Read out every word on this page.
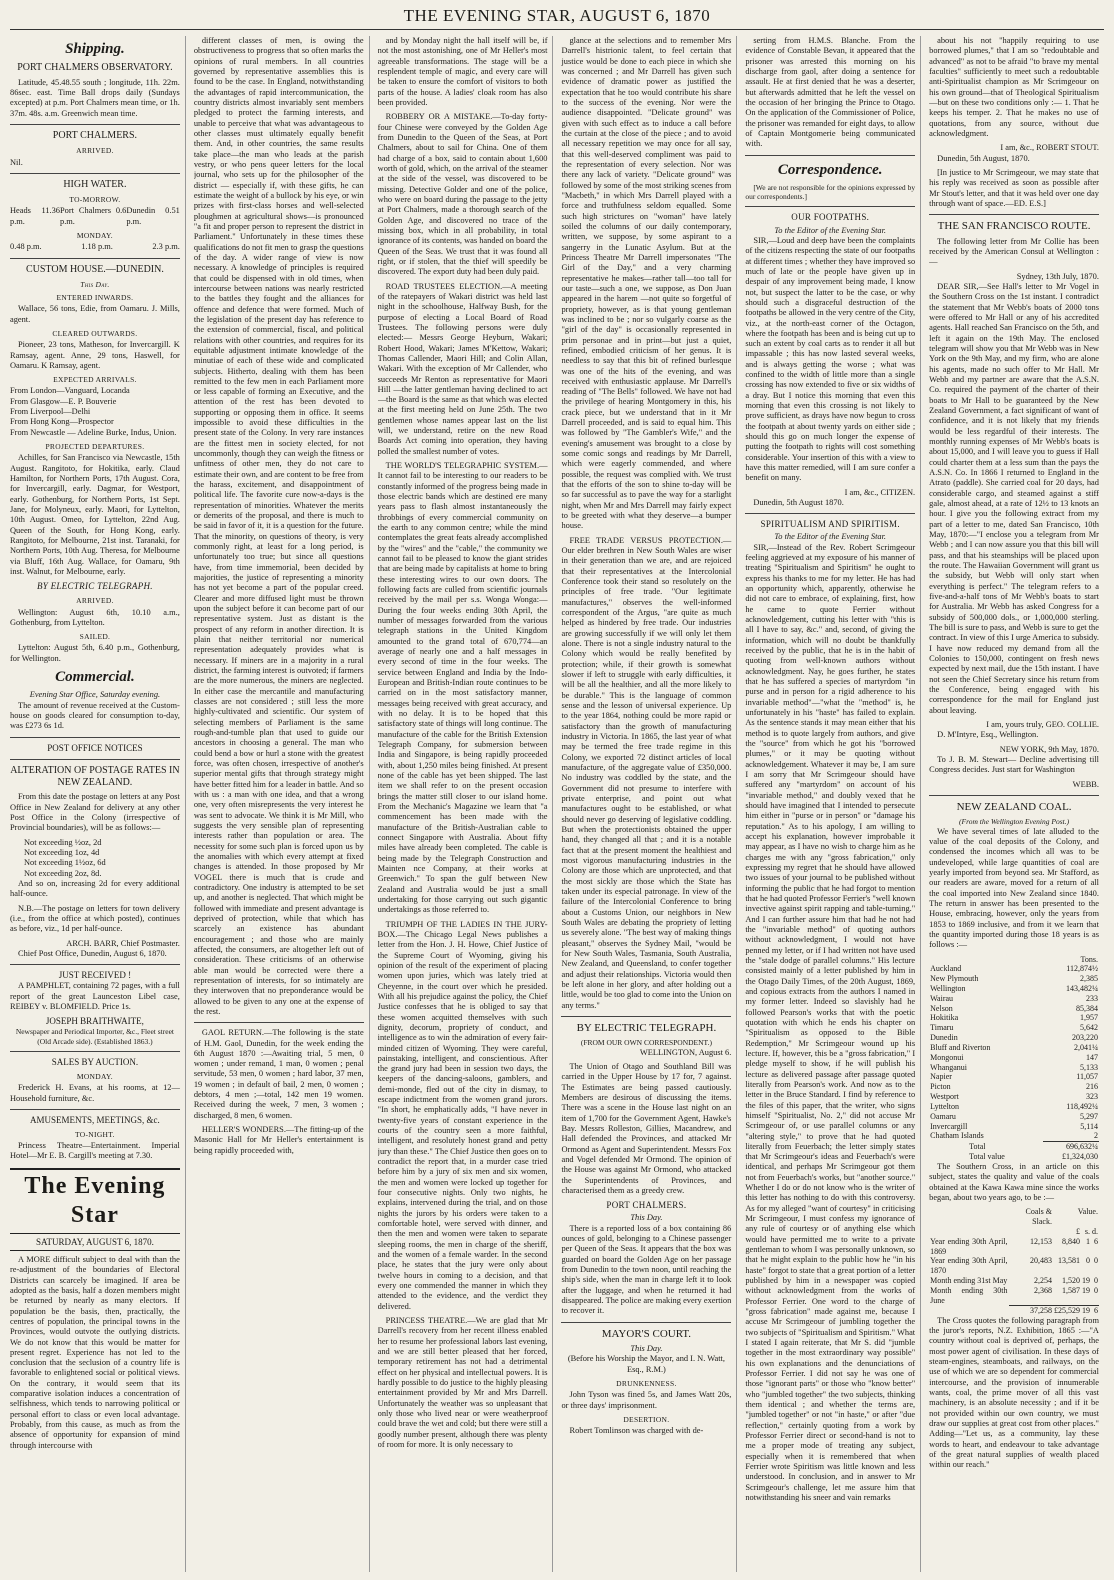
THE EVENING STAR, AUGUST 6, 1870
Shipping.
PORT CHALMERS OBSERVATORY.
Latitude, 45.48.55 south ; longitude, 11h. 22m. 86sec. east. Time Ball drops daily (Sundays excepted) at p.m. Port Chalmers mean time, or 1h. 37m. 48s. a.m. Greenwich mean time.
PORT CHALMERS.
ARRIVED.
Nil.
HIGH WATER.
TO-MORROW.
Heads 11.36 p.m.
Port Chalmers 0.6 p.m.
Dunedin 0.51 p.m.
MONDAY.
0.48 p.m.	1.18 p.m.	2.3 p.m.
CUSTOM HOUSE.—DUNEDIN.
This Day.
ENTERED INWARDS.
Wallace, 56 tons, Edie, from Oamaru. J. Mills, agent.
CLEARED OUTWARDS.
Pioneer, 23 tons, Matheson, for Invercargill. K Ramsay, agent. Anne, 29 tons, Haswell, for Oamaru. K Ramsay, agent.
EXPECTED ARRIVALS.
From London—Vanguard, Locanda
From Glasgow—E. P. Bouverie
From Liverpool—Delhi
From Hong Kong—Prospector
From Newcastle — Adeline Burke, Indus, Union.
PROJECTED DEPARTURES.
Achilles, for San Francisco via Newcastle, 15th August. Rangitoto, for Hokitika, early. Claud Hamilton, for Northern Ports, 17th August. Cora, for Invercargill, early. Dagmar, for Westport, early. Gothenburg, for Northern Ports, 1st Sept. Jane, for Molyneux, early. Maori, for Lyttelton, 10th August. Omeo, for Lyttelton, 22nd Aug. Queen of the South, for Hong Kong, early. Rangitoto, for Melbourne, 21st inst. Taranaki, for Northern Ports, 10th Aug. Theresa, for Melbourne via Bluff, 16th Aug. Wallace, for Oamaru, 9th inst. Walnut, for Melbourne, early.
BY ELECTRIC TELEGRAPH.
ARRIVED.
Wellington: August 6th, 10.10 a.m., Gothenburg, from Lyttelton.
SAILED.
Lyttelton: August 5th, 6.40 p.m., Gothenburg, for Wellington.
Commercial.
Evening Star Office, Saturday evening.
The amount of revenue received at the Custom-house on goods cleared for consumption to-day, was £273 6s 1d.
POST OFFICE NOTICES
ALTERATION OF POSTAGE RATES IN NEW ZEALAND.
From this date the postage on letters at any Post Office in New Zealand for delivery at any other Post Office in the Colony (irrespective of Provincial boundaries), will be as follows:—
Not exceeding ½oz, 2d
Not exceeding 1oz, 4d
Not exceeding 1½oz, 6d
Not exceeding 2oz, 8d.
And so on, increasing 2d for every additional half-ounce.
N.B.—The postage on letters for town delivery (i.e., from the office at which posted), continues as before, viz., 1d per half-ounce.
ARCH. BARR, Chief Postmaster.
Chief Post Office, Dunedin, August 6, 1870.
JUST RECEIVED !
A PAMPHLET, containing 72 pages, with a full report of the great Launceston Libel case, REIBEY v. BLOMFIELD. Price 1s.
JOSEPH BRAITHWAITE,
Newspaper and Periodical Importer, &c., Fleet street (Old Arcade side). (Established 1863.)
SALES BY AUCTION.
MONDAY.
Frederick H. Evans, at his rooms, at 12—Household furniture, &c.
AMUSEMENTS, MEETINGS, &c.
TO-NIGHT.
Princess Theatre—Entertainment. Imperial Hotel—Mr E. B. Cargill's meeting at 7.30.
The Evening Star
SATURDAY, AUGUST 6, 1870.
A MORE difficult subject to deal with than the re-adjustment of the boundaries of Electoral Districts can scarcely be imagined. If area be adopted as the basis, half a dozen members might be returned by nearly as many electors. If population be the basis, then, practically, the centres of population, the principal towns in the Provinces, would outvote the outlying districts. We do not know that this would be matter for present regret. Experience has not led to the conclusion that the seclusion of a country life is favorable to enlightened social or political views. On the contrary, it would seem that its comparative isolation induces a concentration of selfishness, which tends to narrowing political or personal effort to class or even local advantage. Probably, from this cause, as much as from the absence of opportunity for expansion of mind through intercourse with
different classes of men, is owing the obstructiveness to progress that so often marks the opinions of rural members. In all countries governed by representative assemblies this is found to be the case. In England, notwithstanding the advantages of rapid intercommunication, the country districts almost invariably sent members pledged to protect the farming interests, and unable to perceive that what was advantageous to other classes must ultimately equally benefit them. And, in other countries, the same results take place—the man who leads at the parish vestry, or who pens queer letters for the local journal, who sets up for the philosopher of the district — especially if, with these gifts, he can estimate the weight of a bullock by his eye, or win prizes with first-class horses and well-selected ploughmen at agricultural shows—is pronounced "a fit and proper person to represent the district in Parliament." Unfortunately in these times these qualifications do not fit men to grasp the questions of the day. A wider range of view is now necessary. A knowledge of principles is required that could be dispensed with in old times, when intercourse between nations was nearly restricted to the battles they fought and the alliances for offence and defence that were formed. Much of the legislation of the present day has reference to the extension of commercial, fiscal, and political relations with other countries, and requires for its equitable adjustment intimate knowledge of the minutiae of each of these wide and complicated subjects. Hitherto, dealing with them has been remitted to the few men in each Parliament more or less capable of forming an Executive, and the attention of the rest has been devoted to supporting or opposing them in office. It seems impossible to avoid these difficulties in the present state of the Colony. In very rare instances are the fittest men in society elected, for not uncommonly, though they can weigh the fitness or unfitness of other men, they do not care to estimate their own, and are content to be free from the harass, excitement, and disappointment of political life. The favorite cure now-a-days is the representation of minorities. Whatever the merits or demerits of the proposal, and there is much to be said in favor of it, it is a question for the future. That the minority, on questions of theory, is very commonly right, at least for a long period, is unfortunately too true; but since all questions have, from time immemorial, been decided by majorities, the justice of representing a minority has not yet become a part of the popular creed. Clearer and more diffused light must be thrown upon the subject before it can become part of our representative system. Just as distant is the prospect of any reform in another direction. It is plain that neither territorial nor numerical representation adequately provides what is necessary. If miners are in a majority in a rural district, the farming interest is outvoted; if farmers are the more numerous, the miners are neglected. In either case the mercantile and manufacturing classes are not considered ; still less the more highly-cultivated and scientific. Our system of selecting members of Parliament is the same rough-and-tumble plan that used to guide our ancestors in choosing a general. The man who could bend a bow or hurl a stone with the greatest force, was often chosen, irrespective of another's superior mental gifts that through strategy might have better fitted him for a leader in battle. And so with us : a man with one idea, and that a wrong one, very often misrepresents the very interest he was sent to advocate. We think it is Mr Mill, who suggests the very sensible plan of representing interests rather than population or area. The necessity for some such plan is forced upon us by the anomalies with which every attempt at fixed changes is attended. In those proposed by Mr VOGEL there is much that is crude and contradictory. One industry is attempted to be set up, and another is neglected. That which might be followed with immediate and present advantage is deprived of protection, while that which has scarcely an existence has abundant encouragement ; and those who are mainly affected, the consumers, are altogether left out of consideration. These criticisms of an otherwise able man would be corrected were there a representation of interests, for so intimately are they interwoven that no preponderance would be allowed to be given to any one at the expense of the rest.
GAOL RETURN.—The following is the state of H.M. Gaol, Dunedin, for the week ending the 6th August 1870 :—Awaiting trial, 5 men, 0 women ; under remand, 1 man, 0 women ; penal servitude, 53 men, 0 women ; hard labor, 37 men, 19 women ; in default of bail, 2 men, 0 women ; debtors, 4 men ;—total, 142 men 19 women. Received during the week, 7 men, 3 women ; discharged, 8 men, 6 women.
HELLER'S WONDERS.—The fitting-up of the Masonic Hall for Mr Heller's entertainment is being rapidly proceeded with,
and by Monday night the hall itself will be, if not the most astonishing, one of Mr Heller's most agreeable transformations. The stage will be a resplendent temple of magic, and every care will be taken to ensure the comfort of visitors to both parts of the house. A ladies' cloak room has also been provided.
ROBBERY OR A MISTAKE.—To-day forty-four Chinese were conveyed by the Golden Age from Dunedin to the Queen of the Seas, at Port Chalmers, about to sail for China. One of them had charge of a box, said to contain about 1,600 worth of gold, which, on the arrival of the steamer at the side of the vessel, was discovered to be missing. Detective Golder and one of the police, who were on board during the passage to the jetty at Port Chalmers, made a thorough search of the Golden Age, and discovered no trace of the missing box, which in all probability, in total ignorance of its contents, was handed on board the Queen of the Seas. We trust that it was found all right, or if stolen, that the thief will speedily be discovered. The export duty had been duly paid.
ROAD TRUSTEES ELECTION.—A meeting of the ratepayers of Wakari district was held last night in the schoolhouse, Halfway Bush, for the purpose of electing a Local Board of Road Trustees. The following persons were duly elected:— Messrs George Heyburn, Wakari; Robert Hood, Wakari; James M'Kettow, Wakari; Thomas Callender, Maori Hill; and Colin Allan, Wakari. With the exception of Mr Callender, who succeeds Mr Renton as representative for Maori Hill —the latter gentleman having declined to act—the Board is the same as that which was elected at the first meeting held on June 25th. The two gentlemen whose names appear last on the list will, we understand, retire on the new Road Boards Act coming into operation, they having polled the smallest number of votes.
THE WORLD'S TELEGRAPHIC SYSTEM.—It cannot fail to be interesting to our readers to be constantly informed of the progress being made in those electric bands which are destined ere many years pass to flash almost instantaneously the throbbings of every commercial community on the earth to any common centre; while the mind contemplates the great feats already accomplished by the "wires" and the "cable," the community we cannot fail to be pleased to know the giant strides that are being made by capitalists at home to bring these interesting wires to our own doors. The following facts are culled from scientific journals received by the mail per s.s. Wonga Wonga:—During the four weeks ending 30th April, the number of messages forwarded from the various telegraph stations in the United Kingdom amounted to the grand total of 670,774—an average of nearly one and a half messages in every second of time in the four weeks. The service between England and India by the Indo-European and British-Indian route continues to be carried on in the most satisfactory manner, messages being received with great accuracy, and with no delay. It is to be hoped that this satisfactory state of things will long continue. The manufacture of the cable for the British Extension Telegraph Company, for submersion between India and Singapore, is being rapidly proceeded with, about 1,250 miles being finished. At present none of the cable has yet been shipped. The last item we shall refer to on the present occasion brings the matter still closer to our island home. From the Mechanic's Magazine we learn that "a commencement has been made with the manufacture of the British-Australian cable to connect Singapore with Australia. About fifty miles have already been completed. The cable is being made by the Telegraph Construction and Mainten nce Company, at their works at Greenwich." To span the gulf between New Zealand and Australia would be just a small undertaking for those carrying out such gigantic undertakings as those referred to.
TRIUMPH OF THE LADIES IN THE JURY-BOX.—The Chicago Legal News publishes a letter from the Hon. J. H. Howe, Chief Justice of the Supreme Court of Wyoming, giving his opinion of the result of the experiment of placing women upon juries, which was lately tried at Cheyenne, in the court over which he presided. With all his prejudice against the policy, the Chief Justice confesses that he is obliged to say that these women acquitted themselves with such dignity, decorum, propriety of conduct, and intelligence as to win the admiration of every fair-minded citizen of Wyoming. They were careful, painstaking, intelligent, and conscientious. After the grand jury had been in session two days, the keepers of the dancing-saloons, gamblers, and demi-monde, fled out of the city in dismay, to escape indictment from the women grand jurors. "In short, he emphatically adds, "I have never in twenty-five years of constant experience in the courts of the country seen a more faithful, intelligent, and resolutely honest grand and petty jury than these." The Chief Justice then goes on to contradict the report that, in a murder case tried before him by a jury of six men and six women, the men and women were locked up together for four consecutive nights. Only two nights, he explains, intervened during the trial, and on those nights the jurors by his orders were taken to a comfortable hotel, were served with dinner, and then the men and women were taken to separate sleeping rooms, the men in charge of the sheriff, and the women of a female warder. In the second place, he states that the jury were only about twelve hours in coming to a decision, and that every one commended the manner in which they attended to the evidence, and the verdict they delivered.
PRINCESS THEATRE.—We are glad that Mr Darrell's recovery from her recent illness enabled her to resume her professional labors last evening, and we are still better pleased that her forced, temporary retirement has not had a detrimental effect on her physical and intellectual powers. It is hardly possible to do justice to the highly pleasing entertainment provided by Mr and Mrs Darrell. Unfortunately the weather was so unpleasant that only those who lived near or were weatherproof could brave the wet and cold; but there were still a goodly number present, although there was plenty of room for more. It is only necessary to
glance at the selections and to remember Mrs Darrell's histrionic talent, to feel certain that justice would be done to each piece in which she was concerned ; and Mr Darrell has given such evidence of dramatic power as justified the expectation that he too would contribute his share to the success of the evening. Nor were the audience disappointed. "Delicate ground" was given with such effect as to induce a call before the curtain at the close of the piece ; and to avoid all necessary repetition we may once for all say, that this well-deserved compliment was paid to the representation of every selection. Nor was there any lack of variety. "Delicate ground" was followed by some of the most striking scenes from "Macbeth," in which Mrs Darrell played with a force and truthfulness seldom equalled. Some such high strictures on "woman" have lately soiled the columns of our daily contemporary, written, we suppose, by some aspirant to a sangerry in the Lunatic Asylum. But at the Princess Theatre Mr Darrell impersonates "The Girl of the Day," and a very charming representative he makes—rather tall—too tall for our taste—such a one, we suppose, as Don Juan appeared in the harem —not quite so forgetful of propriety, however, as is that young gentleman was inclined to be ; nor so vulgarly coarse as the "girl of the day" is occasionally represented in prim personae and in print—but just a quiet, refined, embodied criticism of her genus. It is needless to say that this bit of refined burlesque was one of the hits of the evening, and was received with enthusiastic applause. Mr Darrell's reading of "The Bells" followed. We have not had the privilege of hearing Montgomery in this, his crack piece, but we understand that in it Mr Darrell proceeded, and is said to equal him. This was followed by "The Gambler's Wife," and the evening's amusement was brought to a close by some comic songs and readings by Mr Darrell, which were eagerly commended, and where possible, the request was complied with. We trust that the efforts of the son to shine to-day will be so far successful as to pave the way for a starlight night, when Mr and Mrs Darrell may fairly expect to be greeted with what they deserve—a bumper house.
FREE TRADE VERSUS PROTECTION.—Our elder brethren in New South Wales are wiser in their generation than we are, and are rejoiced that their representatives at the Intercolonial Conference took their stand so resolutely on the principles of free trade. "Our legitimate manufactures," observes the well-informed correspondent of the Argus, "are quite as much helped as hindered by free trade. Our industries are growing successfully if we will only let them alone. There is not a single industry natural to the Colony which would be really benefited by protection; while, if their growth is somewhat slower if left to struggle with early difficulties, it will be all the healthier, and all the more likely to be durable." This is the language of common sense and the lesson of universal experience. Up to the year 1864, nothing could be more rapid or satisfactory than the growth of manufacturing industry in Victoria. In 1865, the last year of what may be termed the free trade regime in this Colony, we exported 72 distinct articles of local manufacture, of the aggregate value of £350,000. No industry was coddled by the state, and the Government did not presume to interfere with private enterprise, and point out what manufactures ought to be established, or what should never go deserving of legislative coddling. But when the protectionists obtained the upper hand, they changed all that ; and it is a notable fact that at the present moment the healthiest and most vigorous manufacturing industries in the Colony are those which are unprotected, and that the most sickly are those which the State has taken under its especial patronage. In view of the failure of the Intercolonial Conference to bring about a Customs Union, our neighbors in New South Wales are debating the propriety of letting us severely alone. "The best way of making things pleasant," observes the Sydney Mail, "would be for New South Wales, Tasmania, South Australia, New Zealand, and Queensland, to confer together and adjust their relationships. Victoria would then be left alone in her glory, and after holding out a little, would be too glad to come into the Union on any terms."
BY ELECTRIC TELEGRAPH.
(FROM OUR OWN CORRESPONDENT.)
WELLINGTON, August 6.
The Union of Otago and Southland Bill was carried in the Upper House by 17 for, 7 against. The Estimates are being passed cautiously. Members are desirous of discussing the items. There was a scene in the House last night on an item of 1,700 for the Government Agent, Hawke's Bay. Messrs Rolleston, Gillies, Macandrew, and Hall defended the Provinces, and attacked Mr Ormond as Agent and Superintendent. Messrs Fox and Vogel defended Mr Ormond. The opinion of the House was against Mr Ormond, who attacked the Superintendents of Provinces, and characterised them as a greedy crew.
PORT CHALMERS.
This Day.
There is a reported loss of a box containing 86 ounces of gold, belonging to a Chinese passenger per Queen of the Seas. It appears that the box was guarded on board the Golden Age on her passage from Dunedin to the town noon, until reaching the ship's side, when the man in charge left it to look after the luggage, and when he returned it had disappeared. The police are making every exertion to recover it.
MAYOR'S COURT.
This Day.
(Before his Worship the Mayor, and I. N. Watt, Esq., R.M.)
DRUNKENNESS.
John Tyson was fined 5s, and James Watt 20s, or three days' imprisonment.
DESERTION.
Robert Tomlinson was charged with de-
serting from H.M.S. Blanche. From the evidence of Constable Bevan, it appeared that the prisoner was arrested this morning on his discharge from gaol, after doing a sentence for assault. He at first denied that he was a deserter, but afterwards admitted that he left the vessel on the occasion of her bringing the Prince to Otago. On the application of the Commissioner of Police, the prisoner was remanded for eight days, to allow of Captain Montgomerie being communicated with.
Correspondence.
[We are not responsible for the opinions expressed by our correspondents.]
OUR FOOTPATHS.
To the Editor of the Evening Star.
SIR,—Loud and deep have been the complaints of the citizens respecting the state of our footpaths at different times ; whether they have improved so much of late or the people have given up in despair of any improvement being made, I know not, but suspect the latter to be the case, or why should such a disgraceful destruction of the footpaths be allowed in the very centre of the City, viz., at the north-east corner of the Octagon, where the footpath has been and is being cut up to such an extent by coal carts as to render it all but impassable ; this has now lasted several weeks, and is always getting the worse ; what was confined to the width of little more than a single crossing has now extended to five or six widths of a dray. But I notice this morning that even this morning that even this crossing is not likely to prove sufficient, as drays have now begun to cross the footpath at about twenty yards on either side ; should this go on much longer the expense of putting the footpath to rights will cost something considerable. Your insertion of this with a view to have this matter remedied, will I am sure confer a benefit on many.
I am, &c., CITIZEN.
Dunedin, 5th August 1870.
SPIRITUALISM AND SPIRITISM.
To the Editor of the Evening Star.
SIR,—Instead of the Rev. Robert Scrimgeour feeling aggrieved at my exposure of his manner of treating "Spiritualism and Spiritism" he ought to express his thanks to me for my letter. He has had an opportunity which, apparently, otherwise he did not care to embrace, of explaining, first, how he came to quote Ferrier without acknowledgement, cutting his letter with "this is all I have to say, &c." and, second, of giving the information, which will no doubt be thankfully received by the public, that he is in the habit of quoting from well-known authors without acknowledgment. Nay, he goes further, he states that he has suffered a species of martyrdom "in purse and in person for a rigid adherence to his invariable method"—"what the "method" is, he unfortunately in his "haste" has failed to explain. As the sentence stands it may mean either that his method is to quote largely from authors, and give the "source" from which he got his "borrowed plumes," or it may be quoting without acknowledgement. Whatever it may be, I am sure I am sorry that Mr Scrimgeour should have suffered any "martyrdom" on account of his "invariable method," and doubly vexed that he should have imagined that I intended to persecute him either in "purse or in person" or "damage his reputation." As to his apology, I am willing to accept his explanation, however improbable it may appear, as I have no wish to charge him as he charges me with any "gross fabrication," only expressing my regret that he should have allowed two issues of your journal to be published without informing the public that he had forgot to mention that he had quoted Professor Ferrier's "well known invective against spirit rapping and table-turning." And I can further assure him that had he not had the "invariable method" of quoting authors without acknowledgment, I would not have penned my letter, or if I had written not have used the "stale dodge of parallel columns." His lecture consisted mainly of a letter published by him in the Otago Daily Times, of the 20th August, 1869, and copious extracts from the authors I named in my former letter. Indeed so slavishly had he followed Pearson's works that with the poetic quotation with which he ends his chapter on "Spiritualism as opposed to the Bible Redemption," Mr Scrimgeour wound up his lecture. If, however, this be a "gross fabrication," I pledge myself to show, if he will publish his lecture as delivered passage after passage quoted literally from Pearson's work. And now as to the letter in the Bruce Standard. I find by reference to the files of this paper, that the writer, who signs himself "Spiritualist, No. 2," did not accuse Mr Scrimgeour of, or use parallel columns or any "altering style," to prove that he had quoted literally from Feuerbach; the letter simply states that Mr Scrimgeour's ideas and Feuerbach's were identical, and perhaps Mr Scrimgeour got them not from Feuerbach's works, but "another source." Whether I do or do not know who is the writer of this letter has nothing to do with this controversy. As for my alleged "want of courtesy" in criticising Mr Scrimgeour, I must confess my ignorance of any rule of courtesy or of anything else which would have permitted me to write to a private gentleman to whom I was personally unknown, so that he might explain to the public how he "in his haste" forgot to state that a great portion of a letter published by him in a newspaper was copied without acknowledgment from the works of Professor Ferrier. One word to the charge of "gross fabrication" made against me, because I accuse Mr Scrimgeour of jumbling together the two subjects of "Spiritualism and Spiritism." What I stated I again reiterate, that Mr S. did "jumble together in the most extraordinary way possible" his own explanations and the denunciations of Professor Ferrier. I did not say he was one of those "ignorant parts" or those who "know better" who "jumbled together" the two subjects, thinking them identical ; and whether the terms are, "jumbled together" or not "in haste," or after "due reflection," certainly quoting from a work by Professor Ferrier direct or second-hand is not to me a proper mode of treating any subject, especially when it is remembered that when Ferrier wrote Spiritism was little known and less understood. In conclusion, and in answer to Mr Scrimgeour's challenge, let me assure him that notwithstanding his sneer and vain remarks
about his not "happily requiring to use borrowed plumes," that I am so "redoubtable and advanced" as not to be afraid "to brave my mental faculties" sufficiently to meet such a redoubtable anti-Spiritualist champion as Mr Scrimgeour on his own ground—that of Theological Spiritualism—but on these two conditions only :— 1. That he keeps his temper. 2. That he makes no use of quotations, from any source, without due acknowledgment.
I am, &c., ROBERT STOUT.
Dunedin, 5th August, 1870.
[In justice to Mr Scrimgeour, we may state that his reply was received as soon as possible after Mr Stout's letter, and that it was held over one day through want of space.—ED. E.S.]
THE SAN FRANCISCO ROUTE.
The following letter from Mr Collie has been received by the American Consul at Wellington :—
Sydney, 13th July, 1870.
DEAR SIR,—See Hall's letter to Mr Vogel in the Southern Cross on the 1st instant. I contradict the statement that Mr Webb's boats of 2000 tons were offered to Mr Hall or any of his accredited agents. Hall reached San Francisco on the 5th, and left it again on the 19th May. The enclosed telegram will show you that Mr Webb was in New York on the 9th May, and my firm, who are alone his agents, made no such offer to Mr Hall. Mr Webb and my partner are aware that the A.S.N. Co. required the payment of the charter of their boats to Mr Hall to be guaranteed by the New Zealand Government, a fact significant of want of confidence, and it is not likely that my friends would be less regardful of their interests. The monthly running expenses of Mr Webb's boats is about 15,000, and I will leave you to guess if Hall could charter them at a less sum than the pays the A.S.N. Co. In 1866 I returned to England in the Atrato (paddle). She carried coal for 20 days, had considerable cargo, and steamed against a stiff gale, almost ahead, at a rate of 12½ to 13 knots an hour. I give you the following extract from my part of a letter to me, dated San Francisco, 10th May, 1870:—"I enclose you a telegram from Mr Webb ; and I can now assure you that this bill will pass, and that his steamships will be placed upon the route. The Hawaiian Government will grant us the subsidy, but Webb will only start when everything is perfect." The telegram refers to a five-and-a-half tons of Mr Webb's boats to start for Australia. Mr Webb has asked Congress for a subsidy of 500,000 dols., or 1,000,000 sterling. The bill is sure to pass, and Webb is sure to get the contract. In view of this I urge America to subsidy. I have now reduced my demand from all the Colonies to 150,000, contingent on fresh news expected by next mail, due the 15th instant. I have not seen the Chief Secretary since his return from the Conference, being engaged with his correspondence for the mail for England just about leaving.
I am, yours truly, GEO. COLLIE.
D. M'Intyre, Esq., Wellington.
NEW YORK, 9th May, 1870.
To J. B. M. Stewart— Decline advertising till Congress decides. Just start for Washington
WEBB.
NEW ZEALAND COAL.
(From the Wellington Evening Post.)
We have several times of late alluded to the value of the coal deposits of the Colony, and condensed the incomes which all was to be undeveloped, while large quantities of coal are yearly imported from beyond sea. Mr Stafford, as our readers are aware, moved for a return of all the coal imported into New Zealand since 1840. The return in answer has been presented to the House, embracing, however, only the years from 1853 to 1869 inclusive, and from it we learn that the quantity imported during those 18 years is as follows :—
	Tons.
Auckland	112,874½
New Plymouth	2,385
Wellington	143,482¼
Wairau	233
Nelson	85,384
Hokitika	1,957
Timaru	5,642
Dunedin	203,220
Bluff and Riverton	2,041¼
Mongonui	147
Whanganui	5,133
Napier	11,057
Picton	216
Westport	323
Lyttelton	118,492¼
Oamaru	5,297
Invercargill	5,114
Chatham Islands	2
Total	696,632¼
Total value	£1,324,030
The Southern Cross, in an article on this subject, states the quality and value of the coals obtained at the Kawa Kawa mine since the works began, about two years ago, to be :—
	Coals & Slack.	Value.		
		£	s.	d.
Year ending 30th April, 1869	12,153	8,840	1	6
Year ending 30th April, 1870	20,483	13,581	0	0
Month ending 31st May	2,254	1,520	19	0
Month ending 30th June	2,368	1,587	19	0
	37,258	£25,529	19	6
The Cross quotes the following paragraph from the juror's reports, N.Z. Exhibition, 1865 :—"A country without coal is deprived of, perhaps, the most power agent of civilisation. In these days of steam-engines, steamboats, and railways, on the use of which we are so dependent for commercial intercourse, and the provision of innumerable wants, coal, the prime mover of all this vast machinery, is an absolute necessity ; and if it be not provided within our own country, we must draw our supplies at great cost from other places." Adding—"Let us, as a community, lay these words to heart, and endeavour to take advantage of the great natural supplies of wealth placed within our reach."
